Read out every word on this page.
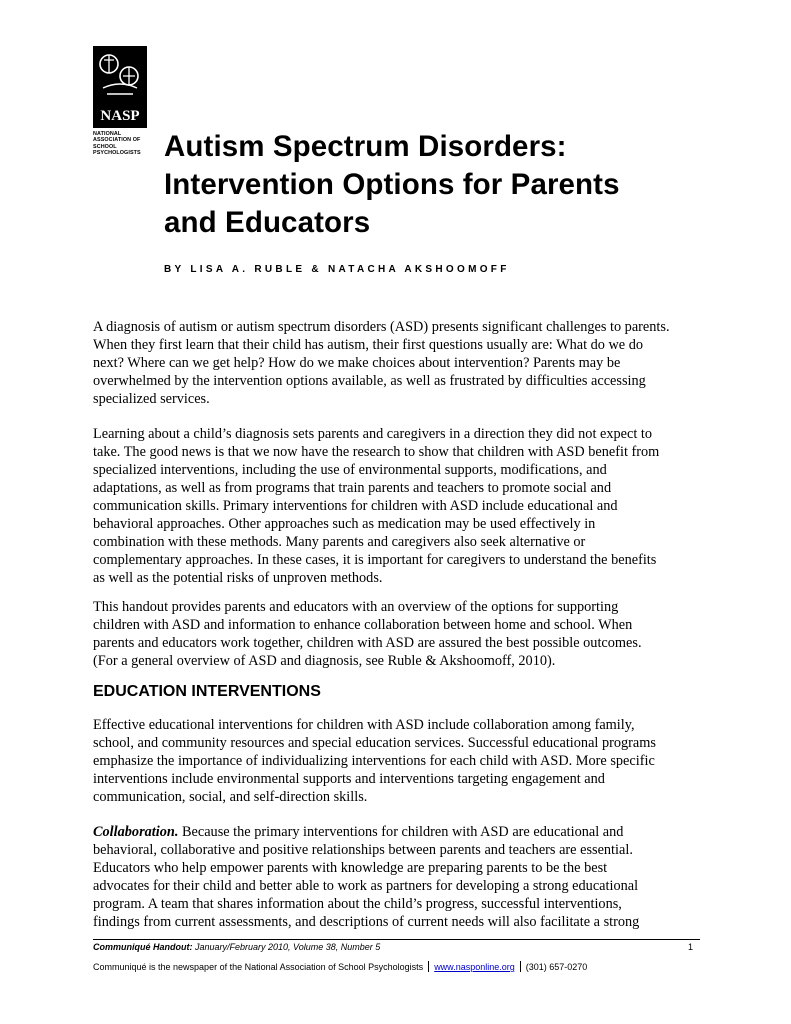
NASP
NATIONAL
ASSOCIATION OF
SCHOOL
PSYCHOLOGISTS Autism Spectrum Disorders:
Intervention Options for Parents
and Educators
BY LISA A. RUBLE & NATACHA AKSHOOMOFF
A diagnosis of autism or autism spectrum disorders (ASD) presents significant challenges to parents.
When they first learn that their child has autism, their first questions usually are: What do we do
next? Where can we get help? How do we make choices about intervention? Parents may be
overwhelmed by the intervention options available, as well as frustrated by difficulties accessing
specialized services.
Learning about a child’s diagnosis sets parents and caregivers in a direction they did not expect to
take. The good news is that we now have the research to show that children with ASD benefit from
specialized interventions, including the use of environmental supports, modifications, and
adaptations, as well as from programs that train parents and teachers to promote social and
communication skills. Primary interventions for children with ASD include educational and
behavioral approaches. Other approaches such as medication may be used effectively in
combination with these methods. Many parents and caregivers also seek alternative or
complementary approaches. In these cases, it is important for caregivers to understand the benefits
as well as the potential risks of unproven methods.
This handout provides parents and educators with an overview of the options for supporting
children with ASD and information to enhance collaboration between home and school. When
parents and educators work together, children with ASD are assured the best possible outcomes.
(For a general overview of ASD and diagnosis, see Ruble & Akshoomoff, 2010).
EDUCATION INTERVENTIONS
Effective educational interventions for children with ASD include collaboration among family,
school, and community resources and special education services. Successful educational programs
emphasize the importance of individualizing interventions for each child with ASD. More specific
interventions include environmental supports and interventions targeting engagement and
communication, social, and self-direction skills.
Collaboration. Because the primary interventions for children with ASD are educational and
behavioral, collaborative and positive relationships between parents and teachers are essential.
Educators who help empower parents with knowledge are preparing parents to be the best
advocates for their child and better able to work as partners for developing a strong educational
program. A team that shares information about the child’s progress, successful interventions,
findings from current assessments, and descriptions of current needs will also facilitate a strong
Communiqué Handout: January/February 2010, Volume 38, Number 5	1
Communiqué is the newspaper of the National Association of School Psychologists www.nasponline.org (301) 657-0270
